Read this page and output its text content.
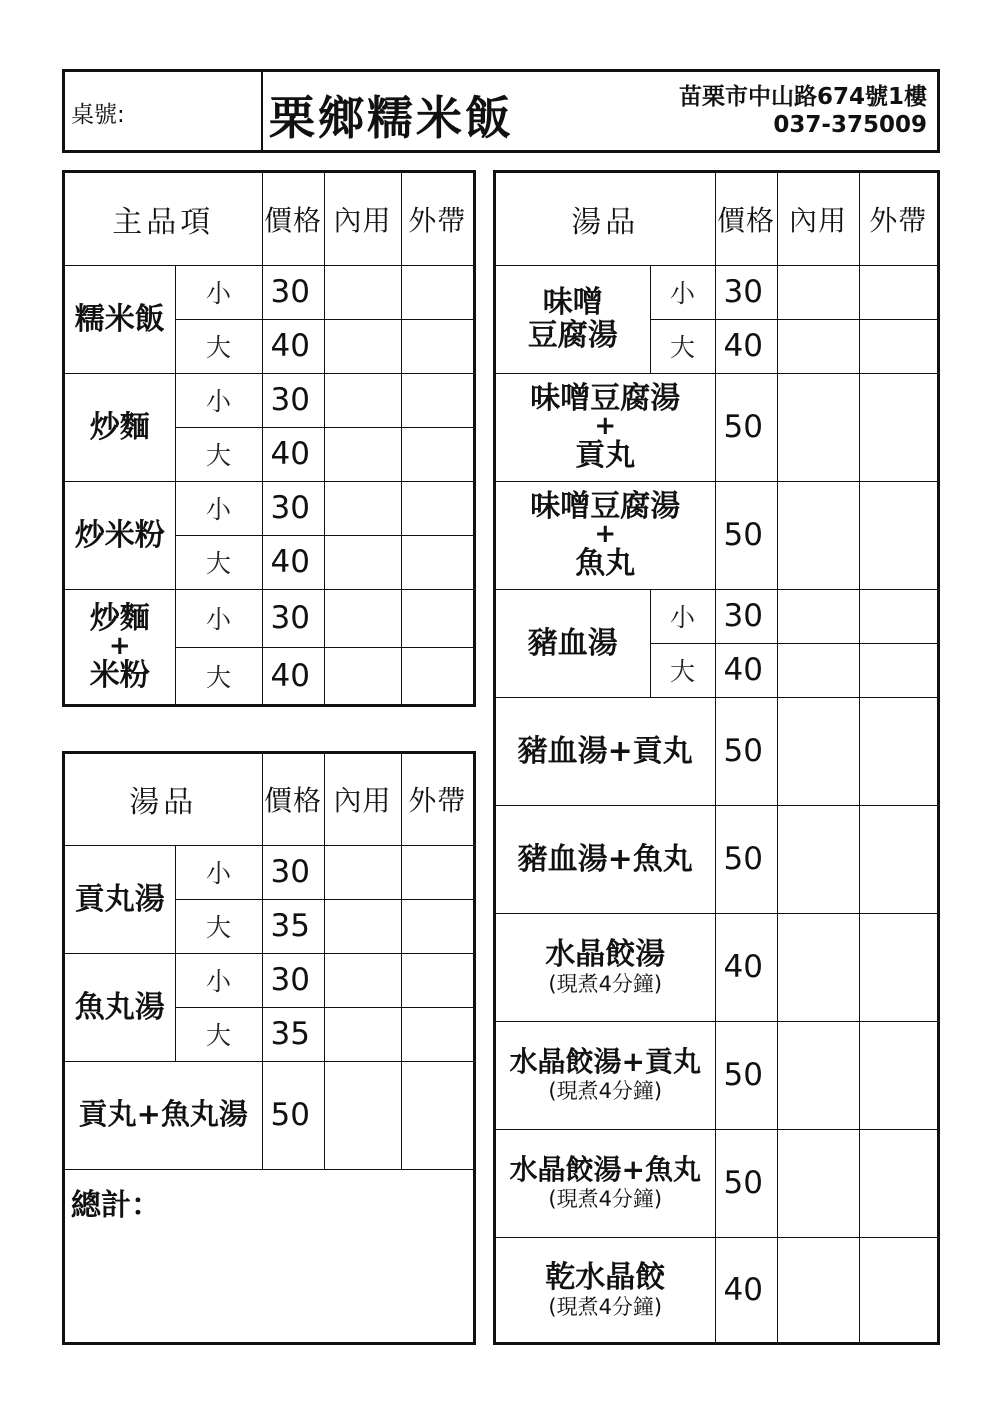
桌號:	栗鄉糯米飯	苗栗市中山路674號1樓
037-375009
主品項		價格	內用	外帶
糯米飯	小	30		
	大	40		
炒麵	小	30		
	大	40		
炒米粉	小	30		
	大	40		
炒麵
+
米粉	小	30		
	大	40		
湯品		價格	內用	外帶
貢丸湯	小	30		
	大	35		
魚丸湯	小	30		
	大	35		
貢丸+魚丸湯		50		
總計：				
湯品		價格	內用	外帶

味噌
豆腐湯	小	30		
	大	40		
味噌豆腐湯
+
貢丸		50		
味噌豆腐湯
+
魚丸		50		
豬血湯	小	30		
	大	40		
豬血湯+貢丸		50		
豬血湯+魚丸		50		
水晶餃湯
(現煮4分鐘)		40		
水晶餃湯+貢丸
(現煮4分鐘)		50		
水晶餃湯+魚丸
(現煮4分鐘)		50		
乾水晶餃
(現煮4分鐘)		40		
